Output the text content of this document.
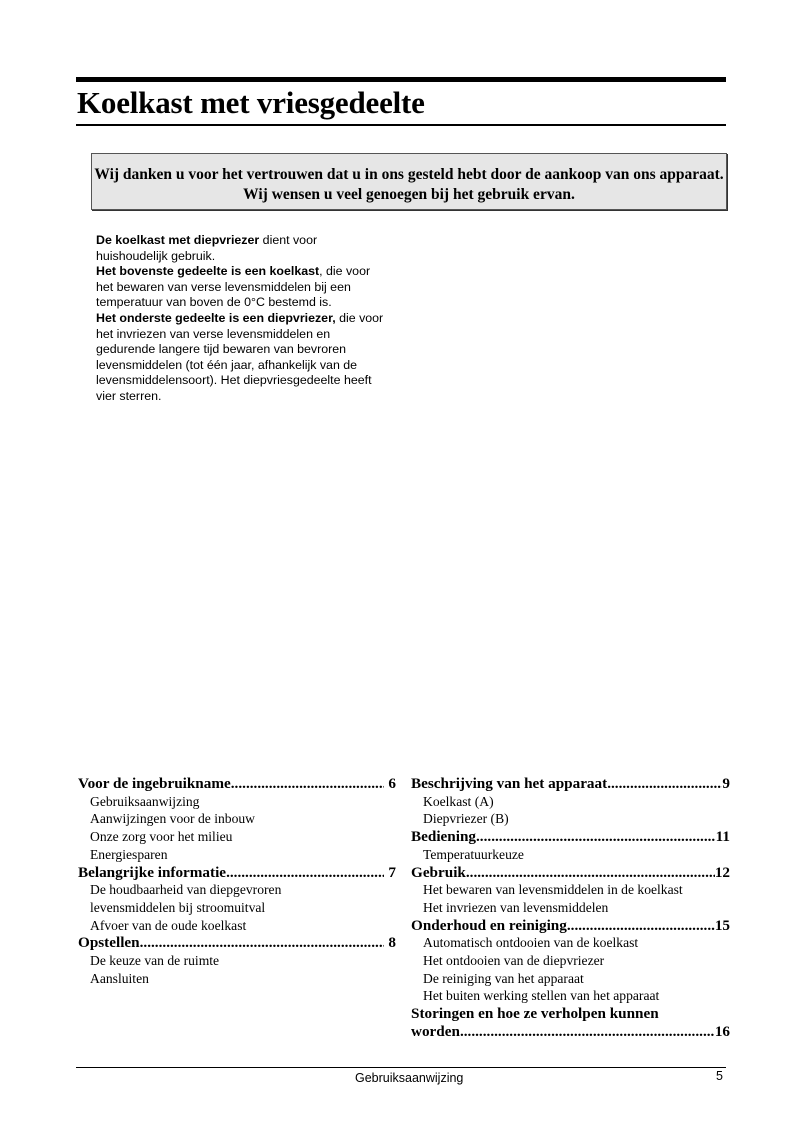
Koelkast met vriesgedeelte
Wij danken u voor het vertrouwen dat u in ons gesteld hebt door de aankoop van ons apparaat. Wij wensen u veel genoegen bij het gebruik ervan.
De koelkast met diepvriezer dient voor huishoudelijk gebruik.
Het bovenste gedeelte is een koelkast, die voor het bewaren van verse levensmiddelen bij een temperatuur van boven de 0°C bestemd is.
Het onderste gedeelte is een diepvriezer, die voor het invriezen van verse levensmiddelen en gedurende langere tijd bewaren van bevroren levensmiddelen (tot één jaar, afhankelijk van de levensmiddelensoort). Het diepvriesgedeelte heeft vier sterren.
Voor de ingebruikname .....	6
Gebruiksaanwijzing
Aanwijzingen voor de inbouw
Onze zorg voor het milieu
Energiesparen
Belangrijke informatie .....	7
De houdbaarheid van diepgevroren
levensmiddelen bij stroomuitval
Afvoer van de oude koelkast
Opstellen .....	8
De keuze van de ruimte
Aansluiten
Beschrijving van het apparaat .....	9
Koelkast (A)
Diepvriezer (B)
Bediening .....	11
Temperatuurkeuze
Gebruik .....	12
Het bewaren van levensmiddelen in de koelkast
Het invriezen van levensmiddelen
Onderhoud en reiniging .....	15
Automatisch ontdooien van de koelkast
Het ontdooien van de diepvriezer
De reiniging van het apparaat
Het buiten werking stellen van het apparaat
Storingen en hoe ze verholpen kunnen
worden .....	16
Gebruiksaanwijzing	5
